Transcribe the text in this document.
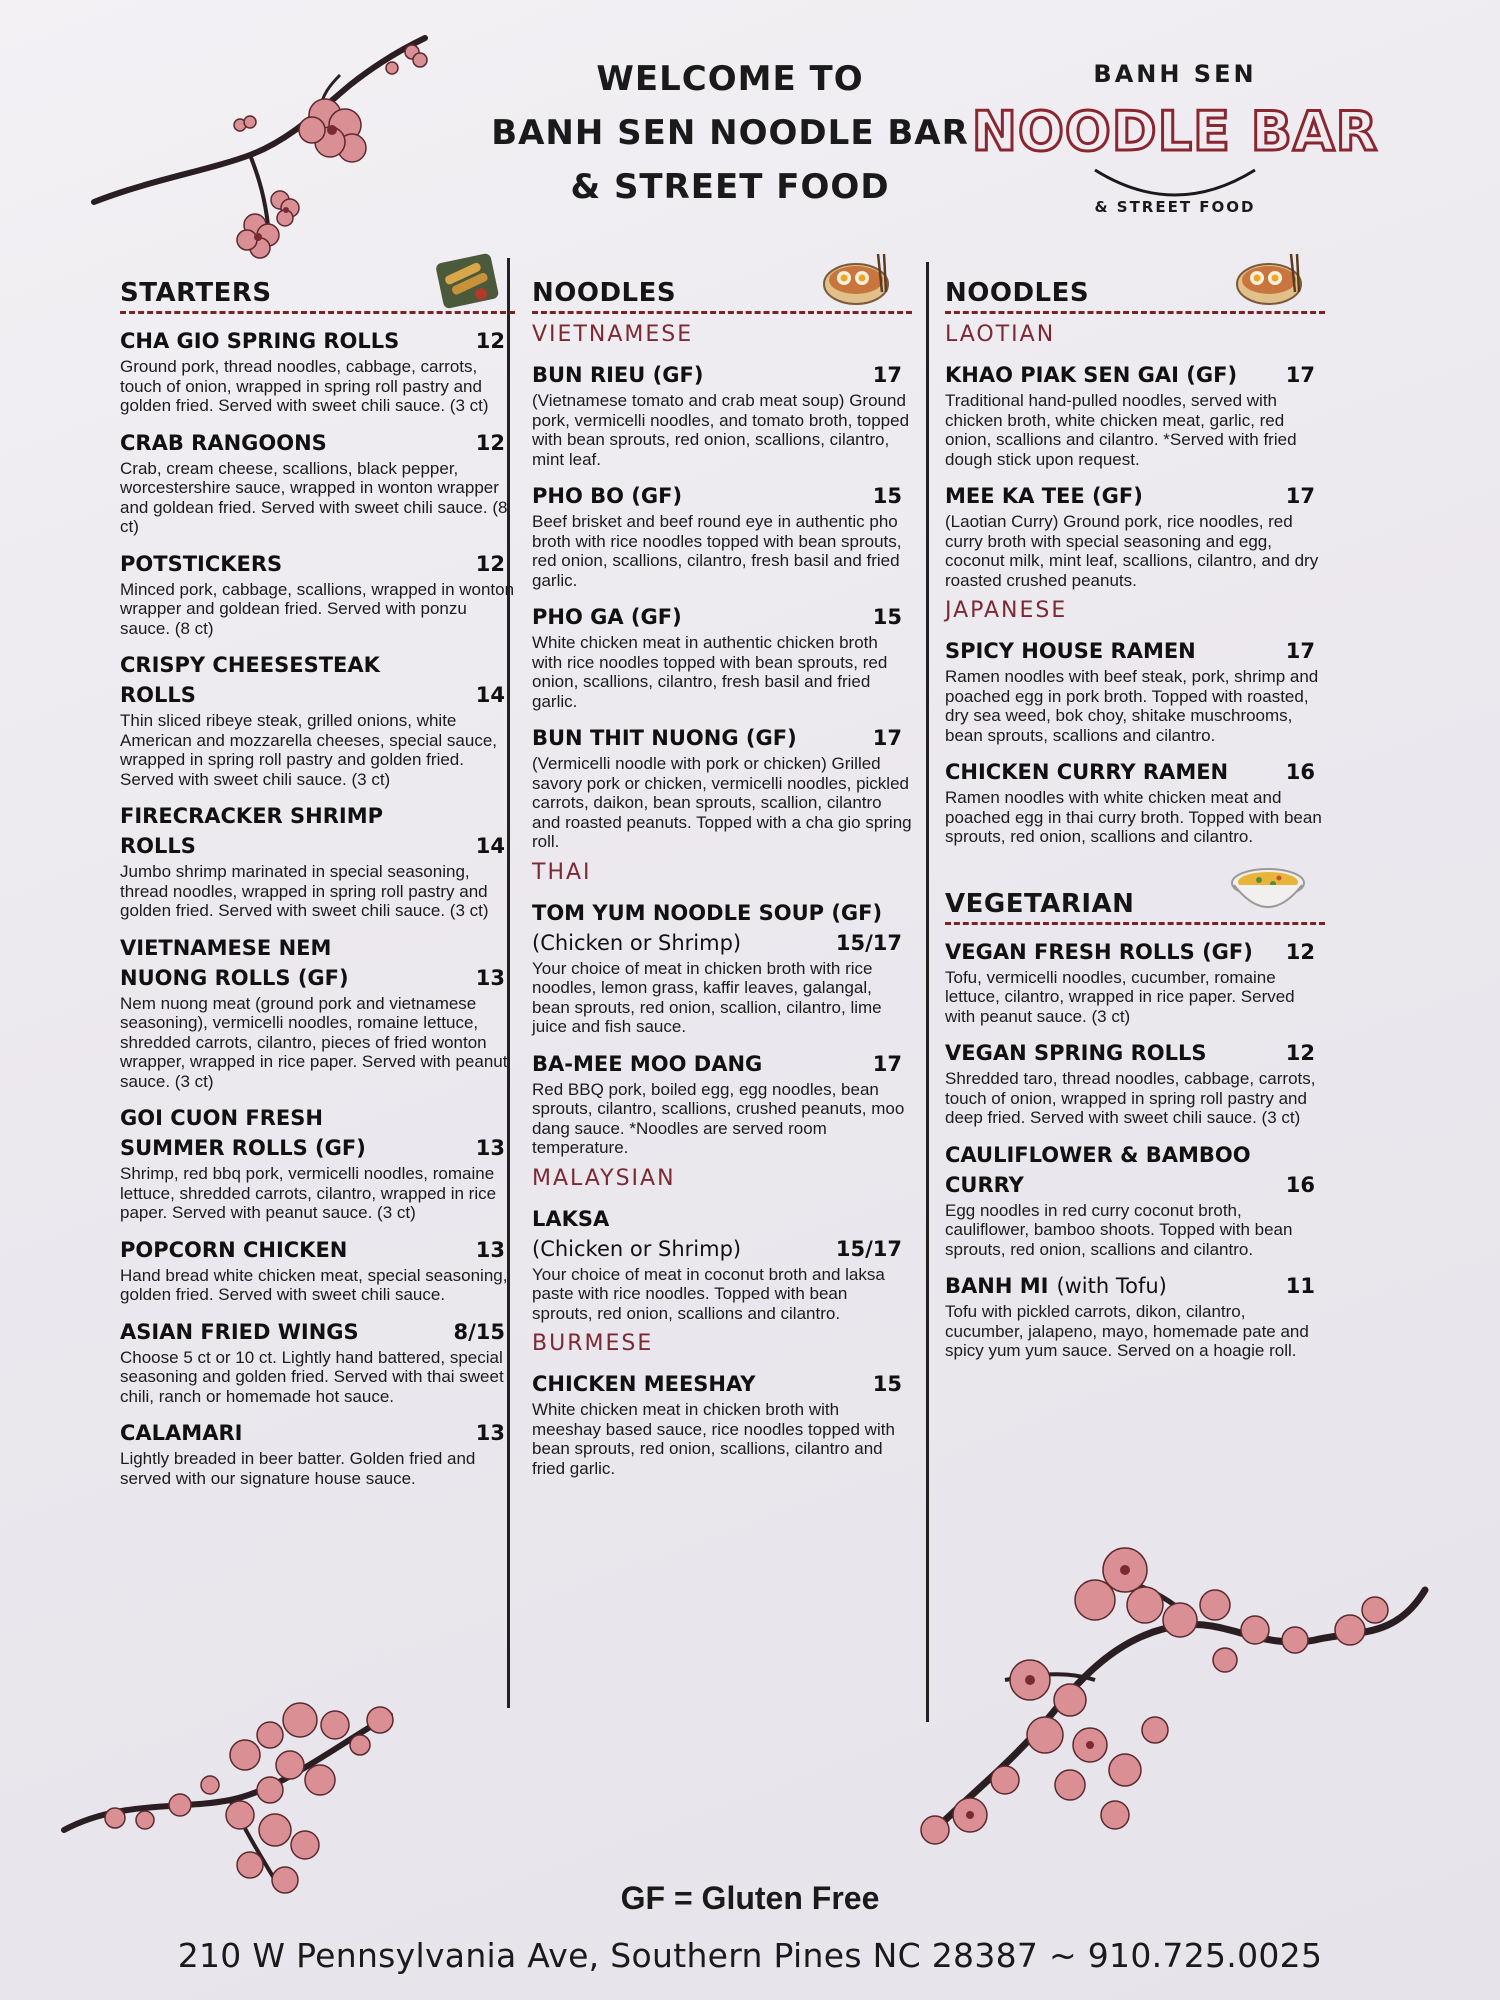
WELCOME TO
BANH SEN NOODLE BAR
& STREET FOOD
BANH SEN
NOODLE BAR
& STREET FOOD
STARTERS
CHA GIO SPRING ROLLS	12
Ground pork, thread noodles, cabbage, carrots, touch of onion, wrapped in spring roll pastry and golden fried. Served with sweet chili sauce. (3 ct)
CRAB RANGOONS	12
Crab, cream cheese, scallions, black pepper, worcestershire sauce, wrapped in wonton wrapper and goldean fried. Served with sweet chili sauce. (8 ct)
POTSTICKERS	12
Minced pork, cabbage, scallions, wrapped in wonton wrapper and goldean fried. Served with ponzu sauce. (8 ct)
CRISPY CHEESESTEAK
ROLLS	14
Thin sliced ribeye steak, grilled onions, white American and mozzarella cheeses, special sauce, wrapped in spring roll pastry and golden fried. Served with sweet chili sauce. (3 ct)
FIRECRACKER SHRIMP
ROLLS	14
Jumbo shrimp marinated in special seasoning, thread noodles, wrapped in spring roll pastry and golden fried. Served with sweet chili sauce. (3 ct)
VIETNAMESE NEM
NUONG ROLLS (GF)	13
Nem nuong meat (ground pork and vietnamese seasoning), vermicelli noodles, romaine lettuce, shredded carrots, cilantro, pieces of fried wonton wrapper, wrapped in rice paper. Served with peanut sauce. (3 ct)
GOI CUON FRESH
SUMMER ROLLS (GF)	13
Shrimp, red bbq pork, vermicelli noodles, romaine lettuce, shredded carrots, cilantro, wrapped in rice paper. Served with peanut sauce. (3 ct)
POPCORN CHICKEN	13
Hand bread white chicken meat, special seasoning, golden fried. Served with sweet chili sauce.
ASIAN FRIED WINGS	8/15
Choose 5 ct or 10 ct. Lightly hand battered, special seasoning and golden fried. Served with thai sweet chili, ranch or homemade hot sauce.
CALAMARI	13
Lightly breaded in beer batter. Golden fried and served with our signature house sauce.
NOODLES
VIETNAMESE
BUN RIEU (GF)	17
(Vietnamese tomato and crab meat soup) Ground pork, vermicelli noodles, and tomato broth, topped with bean sprouts, red onion, scallions, cilantro, mint leaf.
PHO BO (GF)	15
Beef brisket and beef round eye in authentic pho broth with rice noodles topped with bean sprouts, red onion, scallions, cilantro, fresh basil and fried garlic.
PHO GA (GF)	15
White chicken meat in authentic chicken broth with rice noodles topped with bean sprouts, red onion, scallions, cilantro, fresh basil and fried garlic.
BUN THIT NUONG (GF)	17
(Vermicelli noodle with pork or chicken) Grilled savory pork or chicken, vermicelli noodles, pickled carrots, daikon, bean sprouts, scallion, cilantro and roasted peanuts. Topped with a cha gio spring roll.
THAI
TOM YUM NOODLE SOUP (GF)
(Chicken or Shrimp)	15/17
Your choice of meat in chicken broth with rice noodles, lemon grass, kaffir leaves, galangal, bean sprouts, red onion, scallion, cilantro, lime juice and fish sauce.
BA-MEE MOO DANG	17
Red BBQ pork, boiled egg, egg noodles, bean sprouts, cilantro, scallions, crushed peanuts, moo dang sauce. *Noodles are served room temperature.
MALAYSIAN
LAKSA
(Chicken or Shrimp)	15/17
Your choice of meat in coconut broth and laksa paste with rice noodles. Topped with bean sprouts, red onion, scallions and cilantro.
BURMESE
CHICKEN MEESHAY	15
White chicken meat in chicken broth with meeshay based sauce, rice noodles topped with bean sprouts, red onion, scallions, cilantro and fried garlic.
NOODLES
LAOTIAN
KHAO PIAK SEN GAI (GF) 17
Traditional hand-pulled noodles, served with chicken broth, white chicken meat, garlic, red onion, scallions and cilantro. *Served with fried dough stick upon request.
MEE KA TEE (GF)	17
(Laotian Curry) Ground pork, rice noodles, red curry broth with special seasoning and egg, coconut milk, mint leaf, scallions, cilantro, and dry roasted crushed peanuts.
JAPANESE
SPICY HOUSE RAMEN	17
Ramen noodles with beef steak, pork, shrimp and poached egg in pork broth. Topped with roasted, dry sea weed, bok choy, shitake muschrooms, bean sprouts, scallions and cilantro.
CHICKEN CURRY RAMEN	16
Ramen noodles with white chicken meat and poached egg in thai curry broth. Topped with bean sprouts, red onion, scallions and cilantro.
VEGETARIAN
VEGAN FRESH ROLLS (GF) 12
Tofu, vermicelli noodles, cucumber, romaine lettuce, cilantro, wrapped in rice paper. Served with peanut sauce. (3 ct)
VEGAN SPRING ROLLS	12
Shredded taro, thread noodles, cabbage, carrots, touch of onion, wrapped in spring roll pastry and deep fried. Served with sweet chili sauce. (3 ct)
CAULIFLOWER & BAMBOO
CURRY	16
Egg noodles in red curry coconut broth, cauliflower, bamboo shoots. Topped with bean sprouts, red onion, scallions and cilantro.
BANH MI (with Tofu)	11
Tofu with pickled carrots, dikon, cilantro, cucumber, jalapeno, mayo, homemade pate and spicy yum yum sauce. Served on a hoagie roll.
GF = Gluten Free
210 W Pennsylvania Ave, Southern Pines NC 28387 ~ 910.725.0025
